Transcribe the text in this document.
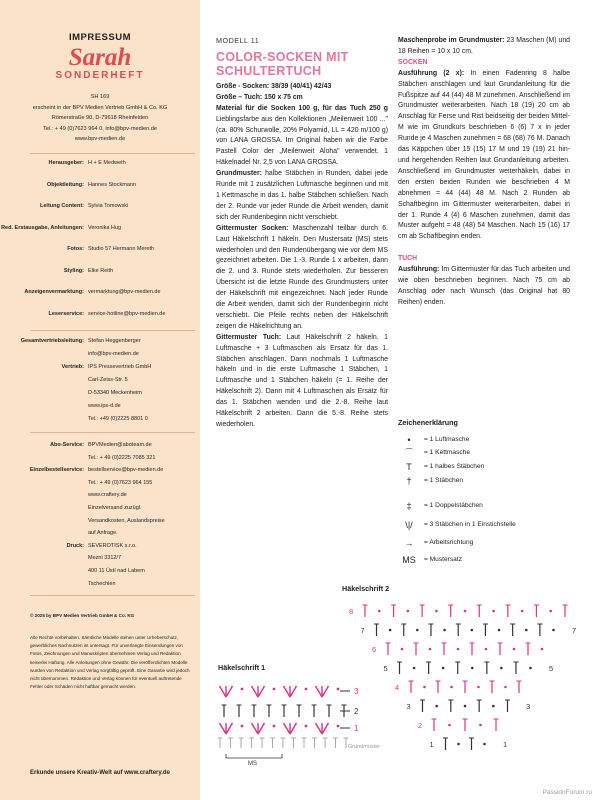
IMPRESSUM
Sarah
SONDERHEFT
SH 169
erscheint in der BPV Medien Vertrieb GmbH & Co. KG
Römerstraße 90, D-79618 Rheinfelden
Tel.: + 49 (0)7623 964 0, info@bpv-medien.de
www.bpv-medien.de
Herausgeber: H + E Medweth
Objektleitung: Hannes Stockmann
Leitung Content: Sylvia Tomowski
Red. Erstausgabe, Anleitungen: Veronika Hug
Fotos: Studio 57 Hermann Mereth
Styling: Elke Reith
Anzeigenvermarktung: vermarktung@bpv-medien.de
Leserservice: service-hotline@bpv-medien.de
Gesamtvertriebsleitung: Stefan Heggenberger
info@bpv-medien.de
Vertrieb: IPS Pressevertrieb GmbH
Carl-Zeiss-Str. 5
D-53340 Meckenheim
www.ips-d.de
Tel.: +49 (0)2225 8801 0
Abo-Service: BPVMedien@aboteam.de
Tel.: + 49 (0)2225 7085 321
Einzelbestellservice: bestellservice@bpv-medien.de
Tel.: + 49 (0)7623 964 155
www.craftery.de
Einzelversand zuzügl.
Versandkosten, Auslandspreise
auf Anfrage.
Druck: SEVEROTISK s.r.o.
Mezni 3312/7
400 11 Ústí nad Labem
Tschechien
© 2025 by BPV Medien Vertrieb GmbH & Co. KG
Alle Rechte vorbehalten. Sämtliche Modelle stehen unter Urheberschutz,
gewerbliches Nachnutzen ist untersagt. Für unverlangte Einsendungen von
Fotos, Zeichnungen und Manuskripten übernehmen Verlag und Redaktion
keinerlei Haftung. Alle Anleitungen ohne Gewähr. Die veröffentlichten Modelle
wurden von Redaktion und Verlag sorgfältig geprüft. Eine Garantie wird jedoch
nicht übernommen. Redaktion und Verlag können für eventuell auftretende
Fehler oder Schäden nicht haftbar gemacht werden.
Erkunde unsere Kreativ-Welt auf www.craftery.de
MODELL 11
COLOR-SOCKEN MIT
SCHULTERTUCH

Größe - Socken: 38/39 (40/41) 42/43

Größe – Tuch: 150 x 75 cm

Material für die Socken 100 g, für das Tuch 250 g Lieblingsfarbe aus den Kollektionen „Meilenweit 100 ..." (ca. 80% Schurwolle, 20% Polyamid, LL = 420 m/100 g) von LANA GROSSA. Im Original haben wir die Farbe Pastell Color der „Meilenweit Aloha" verwendet. 1 Häkelnadel Nr. 2,5 von LANA GROSSA.

Grundmuster: halbe Stäbchen in Runden, dabei jede Runde mit 1 zusätzlichen Luftmasche beginnen und mit 1 Kettmasche in das 1. halbe Stäbchen schließen. Nach der 2. Runde vor jeder Runde die Arbeit wenden, damit sich der Rundenbeginn nicht verschiebt.

Gittermuster Socken: Maschenzahl teilbar durch 6. Laut Häkelschrift 1 häkeln. Den Mustersatz (MS) stets wiederholen und den Rundenübergang wie vor dem MS gezeichnet arbeiten. Die 1.-3. Runde 1 x arbeiten, dann die 2. und 3. Runde stets wiederholen. Zur besseren Übersicht ist die letzte Runde des Grundmusters unter der Häkelschrift mit eingezeichnet. Nach jeder Runde die Arbeit wenden, damit sich der Rundenbeginn nicht verschiebt. Die Pfeile rechts neben der Häkelschrift zeigen die Häkelrichtung an.

Gittermuster Tuch: Laut Häkelschrift 2 häkeln. 1 Luftmasche + 3 Luftmaschen als Ersatz für das 1. Stäbchen anschlagen. Dann nochmals 1 Luftmasche häkeln und in die erste Luftmasche 1 Stäbchen, 1 Luftmasche und 1 Stäbchen häkeln (= 1. Reihe der Häkelschrift 2). Dann mit 4 Luftmaschen als Ersatz für das 1. Stäbchen wenden und die 2.-8. Reihe laut Häkelschrift 2 arbeiten. Dann die 5.-8. Reihe stets wiederholen.

Maschenprobe im Grundmuster: 23 Maschen (M) und 18 Reihen = 10 x 10 cm.

SOCKEN

Ausführung (2 x): In einen Fadenring 8 halbe Stäbchen anschlagen und laut Grundanleitung für die Fußspitze auf 44 (44) 48 M zunehmen. Anschließend im Grundmuster weiterarbeiten. Nach 18 (19) 20 cm ab Anschlag für Ferse und Rist beidseitig der beiden Mittel-M wie im Grundkurs beschrieben 6 (6) 7 x in jeder Runde je 4 Maschen zunehmen = 68 (68) 76 M. Danach das Käppchen über 15 (15) 17 M und 19 (19) 21 hin- und hergehenden Reihen laut Grundanleitung arbeiten. Anschließend im Grundmuster weiterhäkeln, dabei in den ersten beiden Runden wie beschrieben 4 M abnehmen = 44 (44) 48 M. Nach 2 Runden ab Schaftbeginn im Gittermuster weiterarbeiten, dabei in der 1. Runde 4 (4) 6 Maschen zunehmen, damit das Muster aufgeht = 48 (48) 54 Maschen. Nach 15 (16) 17 cm ab Schaftbeginn enden.

TUCH

Ausführung: Im Gittermuster für das Tuch arbeiten und wie oben beschrieben beginnen. Nach 75 cm ab Anschlag oder nach Wunsch (das Original hat 80 Reihen) enden.

Zeichenerklärung
•	= 1 Luftmasche
⌒	= 1 Kettmasche
T	= 1 halbes Stäbchen
†	= 1 Stäbchen
‡	= 1 Doppelstäbchen
\|/	= 3 Stäbchen in 1 Einstichstelle
→	= Arbeitsrichtung
MS	= Mustersatz
Häkelschrift 2
8
7
6
5
4
3
2
1
7
5
3
1
Häkelschrift 1
3
2
1
Grundmuster
MS
PassionForum.ru
